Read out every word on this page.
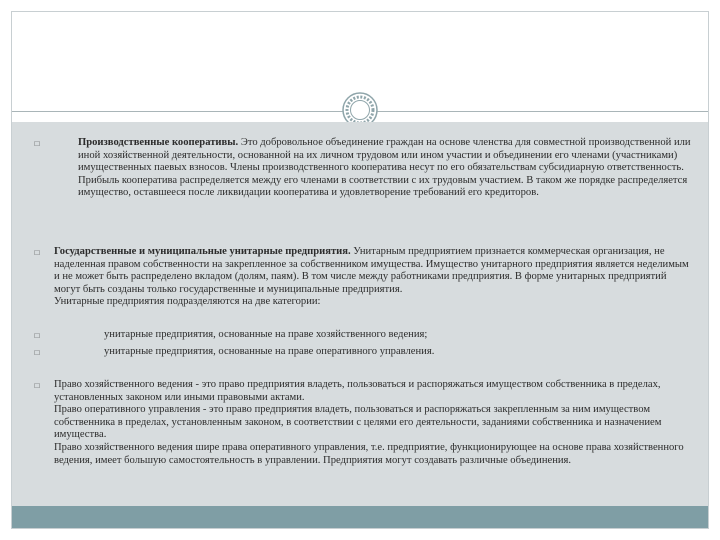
□	Производственные кооперативы. Это добровольное объединение граждан на основе членства для совместной производственной или иной хозяйственной деятельности, основанной на их личном трудовом или ином участии и объединении его членами (участниками) имущественных паевых взносов. Члены производственного кооператива несут по его обязательствам субсидиарную ответственность. Прибыль кооператива распределяется между его членами в соответствии с их трудовым участием. В таком же порядке распределяется имущество, оставшееся после ликвидации кооператива и удовлетворение требований его кредиторов.

□	Государственные и муниципальные унитарные предприятия. Унитарным предприятием признается коммерческая организация, не наделенная правом собственности на закрепленное за собственником имущества. Имущество унитарного предприятия является неделимым и не может быть распределено вкладом (долям, паям). В том числе между работниками предприятия. В форме унитарных предприятий могут быть созданы только государственные и муниципальные предприятия.

Унитарные предприятия подразделяются на две категории:

□	унитарные предприятия, основанные на праве хозяйственного ведения;
□	унитарные предприятия, основанные на праве оперативного управления.
□	Право хозяйственного ведения - это право предприятия владеть, пользоваться и распоряжаться имуществом собственника в пределах, установленных законом или иными правовыми актами.

Право оперативного управления - это право предприятия владеть, пользоваться и распоряжаться закрепленным за ним имуществом собственника в пределах, установленным законом, в соответствии с целями его деятельности, заданиями собственника и назначением имущества.

Право хозяйственного ведения шире права оперативного управления, т.е. предприятие, функционирующее на основе права хозяйственного ведения, имеет большую самостоятельность в управлении. Предприятия могут создавать различные объединения.
